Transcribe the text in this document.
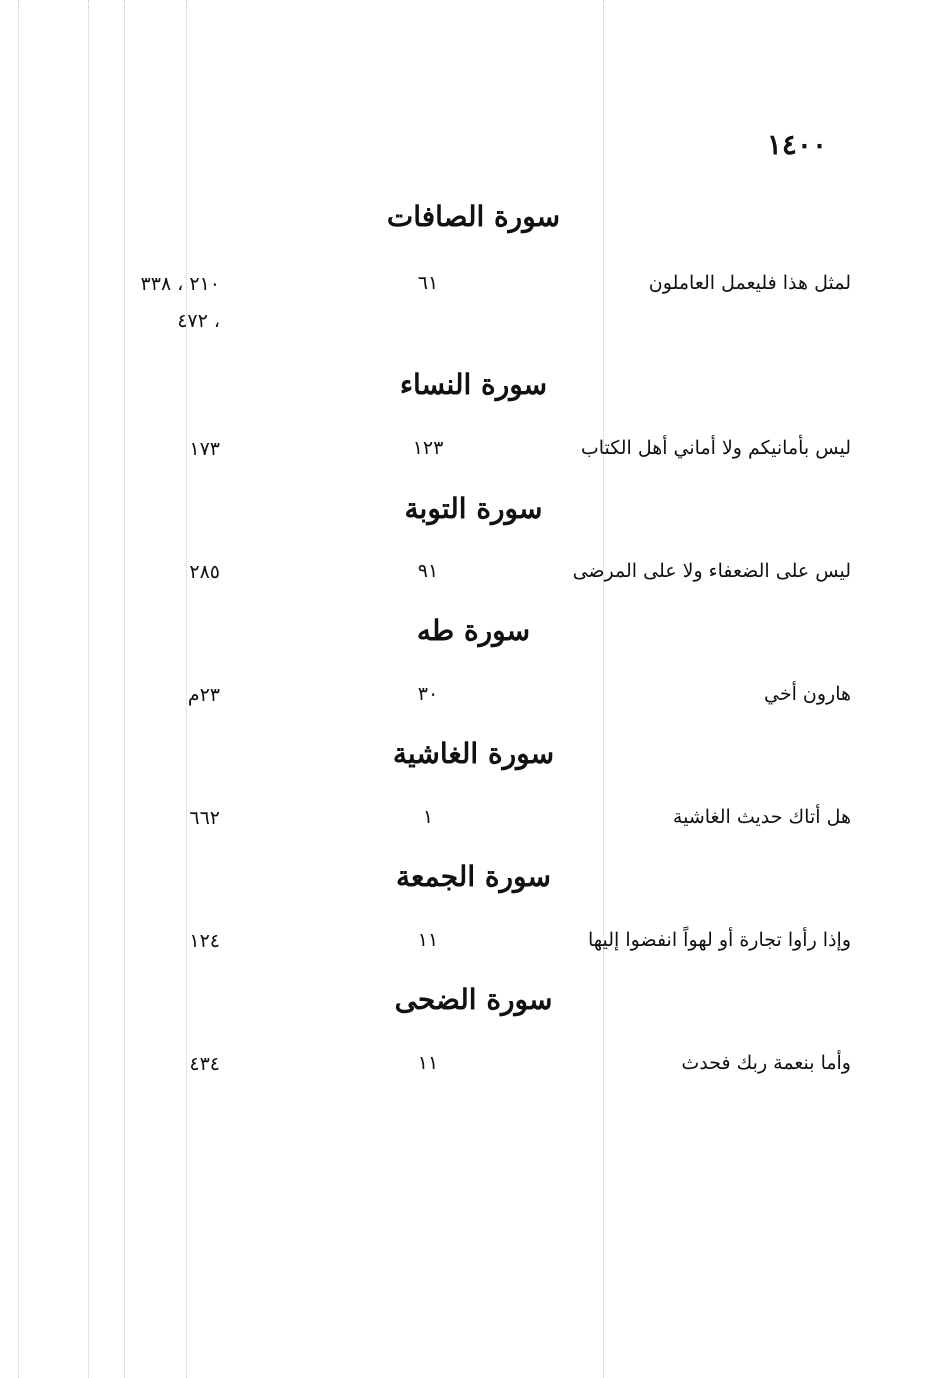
١٤٠٠
سورة الصافات
لمثل هذا فليعمل العاملون
٦١
٢١٠ ، ٣٣٨
، ٤٧٢
سورة النساء
ليس بأمانيكم ولا أماني أهل الكتاب
١٢٣
١٧٣
سورة التوبة
ليس على الضعفاء ولا على المرضى
٩١
٢٨٥
سورة طه
هارون أخي
٣٠
٢٣م
سورة الغاشية
هل أتاك حديث الغاشية
١
٦٦٢
سورة الجمعة
وإذا رأوا تجارة أو لهواً انفضوا إليها
١١
١٢٤
سورة الضحى
وأما بنعمة ربك فحدث
١١
٤٣٤
